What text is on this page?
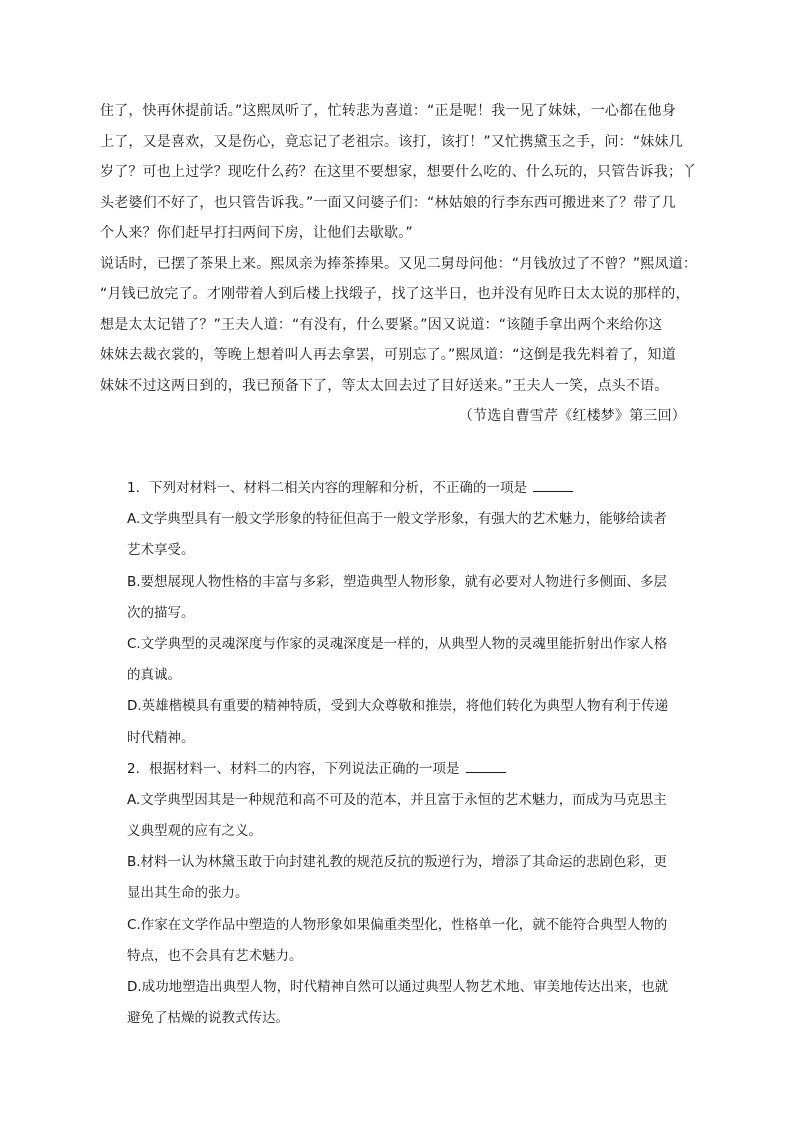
住了，快再休提前话。”这熙凤听了，忙转悲为喜道：“正是呢！我一见了妹妹，一心都在他身
上了，又是喜欢，又是伤心，竟忘记了老祖宗。该打，该打！”又忙携黛玉之手，问：“妹妹几
岁了？可也上过学？现吃什么药？在这里不要想家，想要什么吃的、什么玩的，只管告诉我；丫
头老婆们不好了，也只管告诉我。”一面又问婆子们：“林姑娘的行李东西可搬进来了？带了几
个人来？你们赶早打扫两间下房，让他们去歇歇。”
说话时，已摆了茶果上来。熙凤亲为捧茶捧果。又见二舅母问他：“月钱放过了不曾？”熙凤道：
“月钱已放完了。才刚带着人到后楼上找缎子，找了这半日，也并没有见昨日太太说的那样的，
想是太太记错了？”王夫人道：“有没有，什么要紧。”因又说道：“该随手拿出两个来给你这
妹妹去裁衣裳的，等晚上想着叫人再去拿罢，可别忘了。”熙凤道：“这倒是我先料着了，知道
妹妹不过这两日到的，我已预备下了，等太太回去过了目好送来。”王夫人一笑，点头不语。
（节选自曹雪芹《红楼梦》第三回）
1. 下列对材料一、材料二相关内容的理解和分析，不正确的一项是
A.文学典型具有一般文学形象的特征但高于一般文学形象，有强大的艺术魅力，能够给读者
艺术享受。
B.要想展现人物性格的丰富与多彩，塑造典型人物形象，就有必要对人物进行多侧面、多层
次的描写。
C.文学典型的灵魂深度与作家的灵魂深度是一样的，从典型人物的灵魂里能折射出作家人格
的真诚。
D.英雄楷模具有重要的精神特质，受到大众尊敬和推崇，将他们转化为典型人物有利于传递
时代精神。
2. 根据材料一、材料二的内容，下列说法正确的一项是
A.文学典型因其是一种规范和高不可及的范本，并且富于永恒的艺术魅力，而成为马克思主
义典型观的应有之义。
B.材料一认为林黛玉敢于向封建礼教的规范反抗的叛逆行为，增添了其命运的悲剧色彩，更
显出其生命的张力。
C.作家在文学作品中塑造的人物形象如果偏重类型化，性格单一化，就不能符合典型人物的
特点，也不会具有艺术魅力。
D.成功地塑造出典型人物，时代精神自然可以通过典型人物艺术地、审美地传达出来，也就
避免了枯燥的说教式传达。
